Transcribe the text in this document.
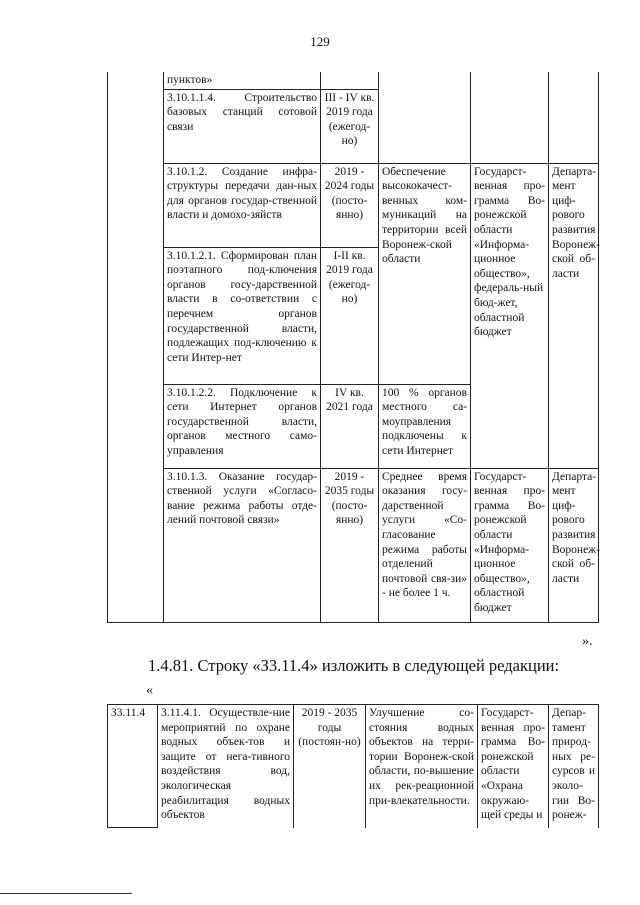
129
	пунктов»				
	3.10.1.1.4. Строительство базовых станций сотовой связи	III - IV кв. 2019 года (ежегод-но)			
	3.10.1.2. Создание инфра-структуры передачи дан-ных для органов государ-ственной власти и домохо-зяйств	2019 - 2024 годы (посто-янно)	Обеспечение высококачест-венных ком-муникаций на территории всей Воронеж-ской области	Государст-венная про-грамма Во-ронежской области «Информа-ционное общество», федераль-ный бюд-жет, областной бюджет	Департа-мент циф-рового развития Воронеж-ской об-ласти
	3.10.1.2.1. Сформирован план поэтапного под-ключения органов госу-дарственной власти в со-ответствии с перечнем органов государственной власти, подлежащих под-ключению к сети Интер-нет	I-II кв. 2019 года (ежегод-но)			
	3.10.1.2.2. Подключение к сети Интернет органов государственной власти, органов местного само-управления	IV кв. 2021 года	100 % органов местного са-моуправления подключены к сети Интернет		
	3.10.1.3. Оказание государ-ственной услуги «Согласо-вание режима работы отде-лений почтовой связи»	2019 - 2035 годы (посто-янно)	Среднее время оказания госу-дарственной услуги «Со-гласование режима работы отделений почтовой свя-зи» - не более 1 ч.	Государст-венная про-грамма Во-ронежской области «Информа-ционное общество», областной бюджет	Департа-мент циф-рового развития Воронеж-ской об-ласти
».
1.4.81. Строку «З3.11.4» изложить в следующей редакции:
«
З3.11.4	3.11.4.1. Осуществле-ние мероприятий по охране водных объек-тов и защите от нега-тивного воздействия вод, экологическая реабилитация водных объектов	2019 - 2035 годы (постоян-но)	Улучшение со-стояния водных объектов на терри-тории Воронеж-ской области, по-вышение их рек-реационной при-влекательности.	Государст-венная про-грамма Во-ронежской области «Охрана окружаю-щей среды и	Депар-тамент природ-ных ре-сурсов и эколо-гии Во-ронеж-
